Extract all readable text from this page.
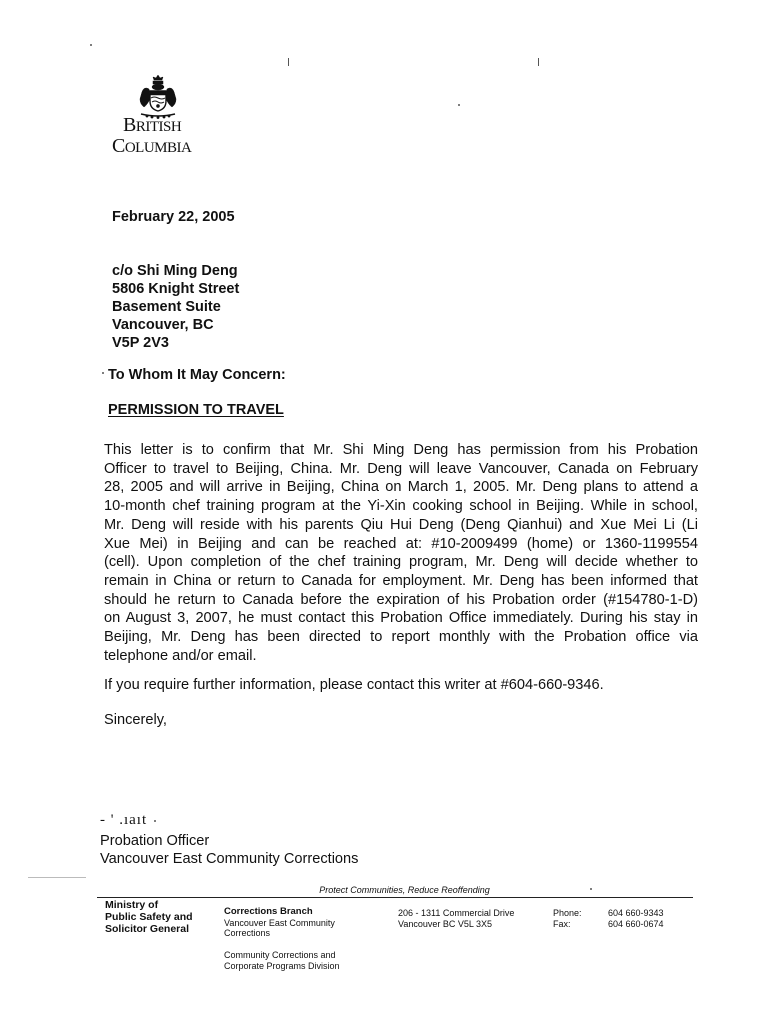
BRITISH
COLUMBIA
February 22, 2005
c/o Shi Ming Deng
5806 Knight Street
Basement Suite
Vancouver, BC
V5P 2V3
To Whom It May Concern:
PERMISSION TO TRAVEL
This letter is to confirm that Mr. Shi Ming Deng has permission from his Probation
Officer to travel to Beijing, China. Mr. Deng will leave Vancouver, Canada on February
28, 2005 and will arrive in Beijing, China on March 1, 2005. Mr. Deng plans to attend a
10-month chef training program at the Yi-Xin cooking school in Beijing. While in school,
Mr. Deng will reside with his parents Qiu Hui Deng (Deng Qianhui) and Xue Mei Li (Li
Xue Mei) in Beijing and can be reached at: #10-2009499 (home) or 1360-1199554
(cell). Upon completion of the chef training program, Mr. Deng will decide whether to
remain in China or return to Canada for employment. Mr. Deng has been informed that
should he return to Canada before the expiration of his Probation order (#154780-1-D)
on August 3, 2007, he must contact this Probation Office immediately. During his stay in
Beijing, Mr. Deng has been directed to report monthly with the Probation office via
telephone and/or email.
If you require further information, please contact this writer at #604-660-9346.
Sincerely,
- ' .ıaıt
Probation Officer
Vancouver East Community Corrections
Protect Communities, Reduce Reoffending
Ministry of
Public Safety and
Solicitor General
Corrections Branch
Vancouver East Community
Corrections
Community Corrections and
Corporate Programs Division
206 - 1311 Commercial Drive
Vancouver BC V5L 3X5
Phone:
Fax:
604 660-9343
604 660-0674
